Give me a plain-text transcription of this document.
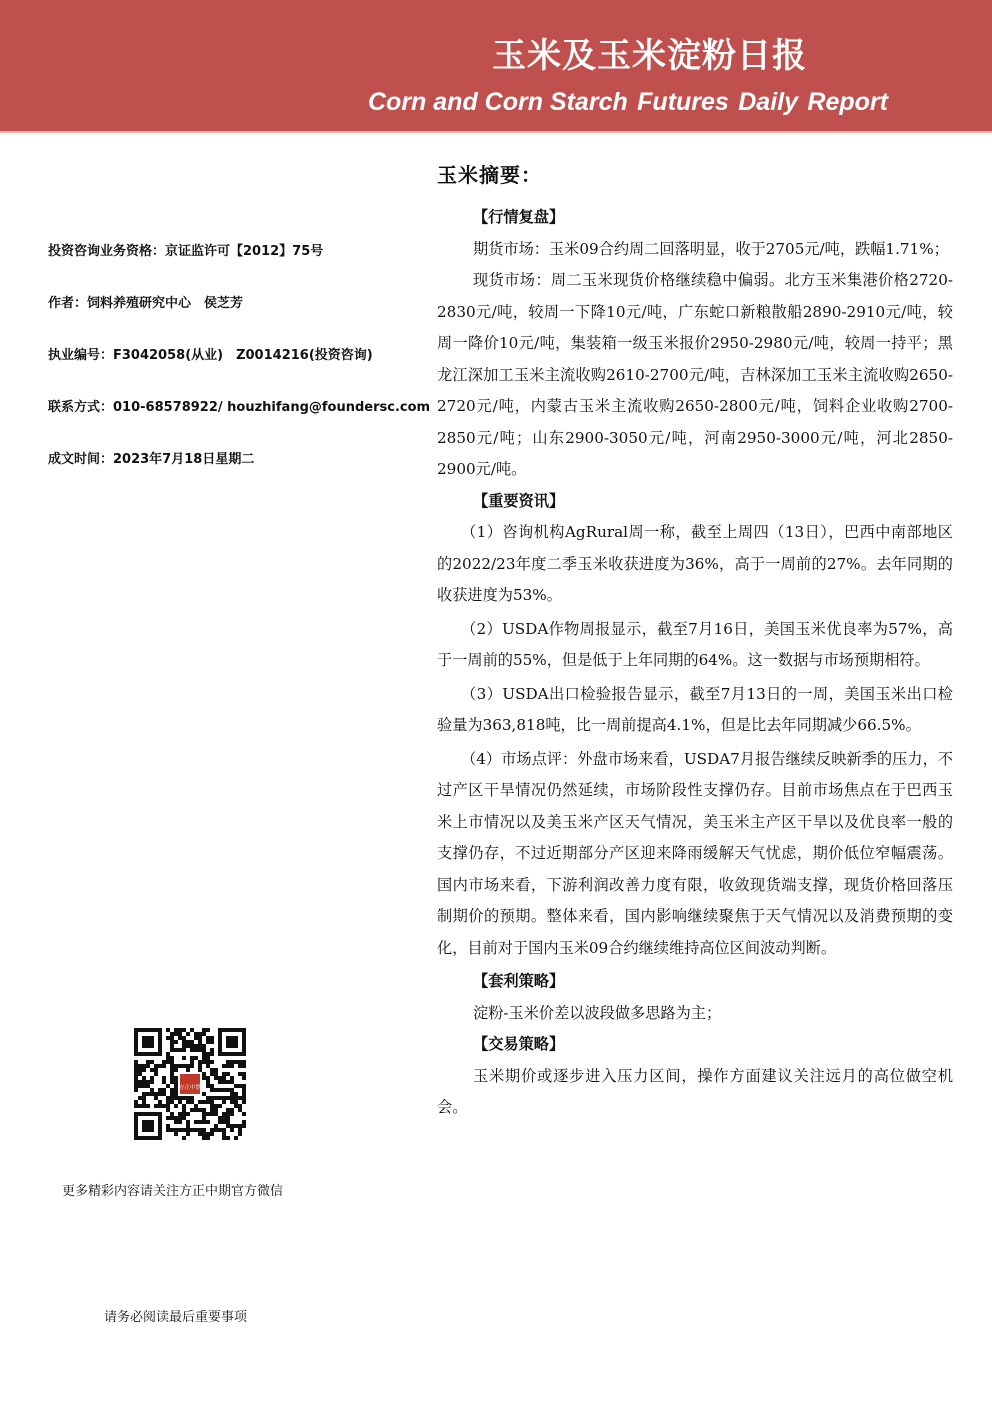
玉米及玉米淀粉日报
Corn and Corn Starch Futures Daily Report
投资咨询业务资格：京证监许可【2012】75号
作者：饲料养殖研究中心　侯芝芳
执业编号：F3042058(从业)　Z0014216(投资咨询)
联系方式：010-68578922/ houzhifang@foundersc.com
成文时间：2023年7月18日星期二
方正中期
更多精彩内容请关注方正中期官方微信
请务必阅读最后重要事项
玉米摘要：
【行情复盘】

期货市场：玉米09合约周二回落明显，收于2705元/吨，跌幅1.71%；

现货市场：周二玉米现货价格继续稳中偏弱。北方玉米集港价格2720-2830元/吨，较周一下降10元/吨，广东蛇口新粮散船2890-2910元/吨，较周一降价10元/吨，集装箱一级玉米报价2950-2980元/吨，较周一持平；黑龙江深加工玉米主流收购2610-2700元/吨，吉林深加工玉米主流收购2650-2720元/吨，内蒙古玉米主流收购2650-2800元/吨，饲料企业收购2700-2850元/吨；山东2900-3050元/吨，河南2950-3000元/吨，河北2850-2900元/吨。

【重要资讯】

（1）咨询机构AgRural周一称，截至上周四（13日），巴西中南部地区的2022/23年度二季玉米收获进度为36%，高于一周前的27%。去年同期的收获进度为53%。

（2）USDA作物周报显示，截至7月16日，美国玉米优良率为57%，高于一周前的55%，但是低于上年同期的64%。这一数据与市场预期相符。

（3）USDA出口检验报告显示，截至7月13日的一周，美国玉米出口检验量为363,818吨，比一周前提高4.1%，但是比去年同期减少66.5%。

（4）市场点评：外盘市场来看，USDA7月报告继续反映新季的压力，不过产区干旱情况仍然延续，市场阶段性支撑仍存。目前市场焦点在于巴西玉米上市情况以及美玉米产区天气情况，美玉米主产区干旱以及优良率一般的支撑仍存，不过近期部分产区迎来降雨缓解天气忧虑，期价低位窄幅震荡。国内市场来看，下游利润改善力度有限，收敛现货端支撑，现货价格回落压制期价的预期。整体来看，国内影响继续聚焦于天气情况以及消费预期的变化，目前对于国内玉米09合约继续维持高位区间波动判断。

【套利策略】

淀粉-玉米价差以波段做多思路为主；

【交易策略】

玉米期价或逐步进入压力区间，操作方面建议关注远月的高位做空机会。
